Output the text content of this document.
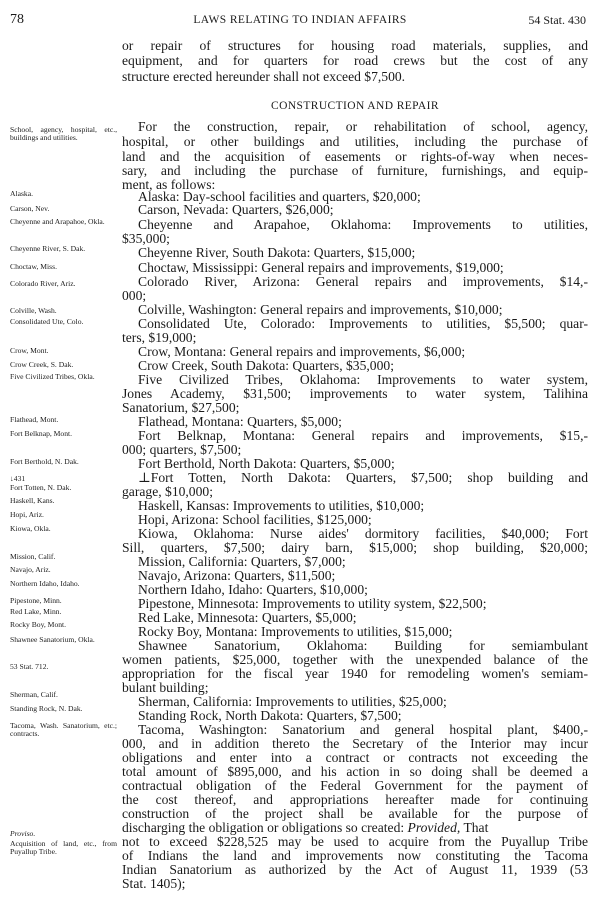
78	LAWS RELATING TO INDIAN AFFAIRS	54 Stat. 430
School, agency, hospital, etc., buildings and utilities.
Alaska.
Carson, Nev.
Cheyenne and Arapahoe, Okla.
Cheyenne River, S. Dak.
Choctaw, Miss.
Colorado River, Ariz.
Colville, Wash.
Consolidated Ute, Colo.
Crow, Mont.
Crow Creek, S. Dak.
Five Civilized Tribes, Okla.
Flathead, Mont.
Fort Belknap, Mont.
Fort Berthold, N. Dak.
↓431
Fort Totten, N. Dak.
Haskell, Kans.
Hopi, Ariz.
Kiowa, Okla.
Mission, Calif.
Navajo, Ariz.
Northern Idaho, Idaho.
Pipestone, Minn.
Red Lake, Minn.
Rocky Boy, Mont.
Shawnee Sanatorium, Okla.
53 Stat. 712.
Sherman, Calif.
Standing Rock, N. Dak.
Tacoma, Wash. Sanatorium, etc.; contracts.
Proviso.
Acquisition of land, etc., from Puyallup Tribe.
or repair of structures for housing road materials, supplies, and
equipment, and for quarters for road crews but the cost of any
structure erected hereunder shall not exceed $7,500.
CONSTRUCTION AND REPAIR
For the construction, repair, or rehabilitation of school, agency,
hospital, or other buildings and utilities, including the purchase of
land and the acquisition of easements or rights-of-way when neces-
sary, and including the purchase of furniture, furnishings, and equip-
ment, as follows:
Alaska: Day-school facilities and quarters, $20,000;
Carson, Nevada: Quarters, $26,000;
Cheyenne and Arapahoe, Oklahoma: Improvements to utilities,
$35,000;
Cheyenne River, South Dakota: Quarters, $15,000;
Choctaw, Mississippi: General repairs and improvements, $19,000;
Colorado River, Arizona: General repairs and improvements, $14,-
000;
Colville, Washington: General repairs and improvements, $10,000;
Consolidated Ute, Colorado: Improvements to utilities, $5,500; quar-
ters, $19,000;
Crow, Montana: General repairs and improvements, $6,000;
Crow Creek, South Dakota: Quarters, $35,000;
Five Civilized Tribes, Oklahoma: Improvements to water system,
Jones Academy, $31,500; improvements to water system, Talihina
Sanatorium, $27,500;
Flathead, Montana: Quarters, $5,000;
Fort Belknap, Montana: General repairs and improvements, $15,-
000; quarters, $7,500;
Fort Berthold, North Dakota: Quarters, $5,000;
⊥Fort Totten, North Dakota: Quarters, $7,500; shop building and
garage, $10,000;
Haskell, Kansas: Improvements to utilities, $10,000;
Hopi, Arizona: School facilities, $125,000;
Kiowa, Oklahoma: Nurse aides' dormitory facilities, $40,000; Fort
Sill, quarters, $7,500; dairy barn, $15,000; shop building, $20,000;
Mission, California: Quarters, $7,000;
Navajo, Arizona: Quarters, $11,500;
Northern Idaho, Idaho: Quarters, $10,000;
Pipestone, Minnesota: Improvements to utility system, $22,500;
Red Lake, Minnesota: Quarters, $5,000;
Rocky Boy, Montana: Improvements to utilities, $15,000;
Shawnee Sanatorium, Oklahoma: Building for semiambulant
women patients, $25,000, together with the unexpended balance of the
appropriation for the fiscal year 1940 for remodeling women's semiam-
bulant building;
Sherman, California: Improvements to utilities, $25,000;
Standing Rock, North Dakota: Quarters, $7,500;
Tacoma, Washington: Sanatorium and general hospital plant, $400,-
000, and in addition thereto the Secretary of the Interior may incur
obligations and enter into a contract or contracts not exceeding the
total amount of $895,000, and his action in so doing shall be deemed a
contractual obligation of the Federal Government for the payment of
the cost thereof, and appropriations hereafter made for continuing
construction of the project shall be available for the purpose of
discharging the obligation or obligations so created: Provided, That
not to exceed $228,525 may be used to acquire from the Puyallup Tribe
of Indians the land and improvements now constituting the Tacoma
Indian Sanatorium as authorized by the Act of August 11, 1939 (53
Stat. 1405);
